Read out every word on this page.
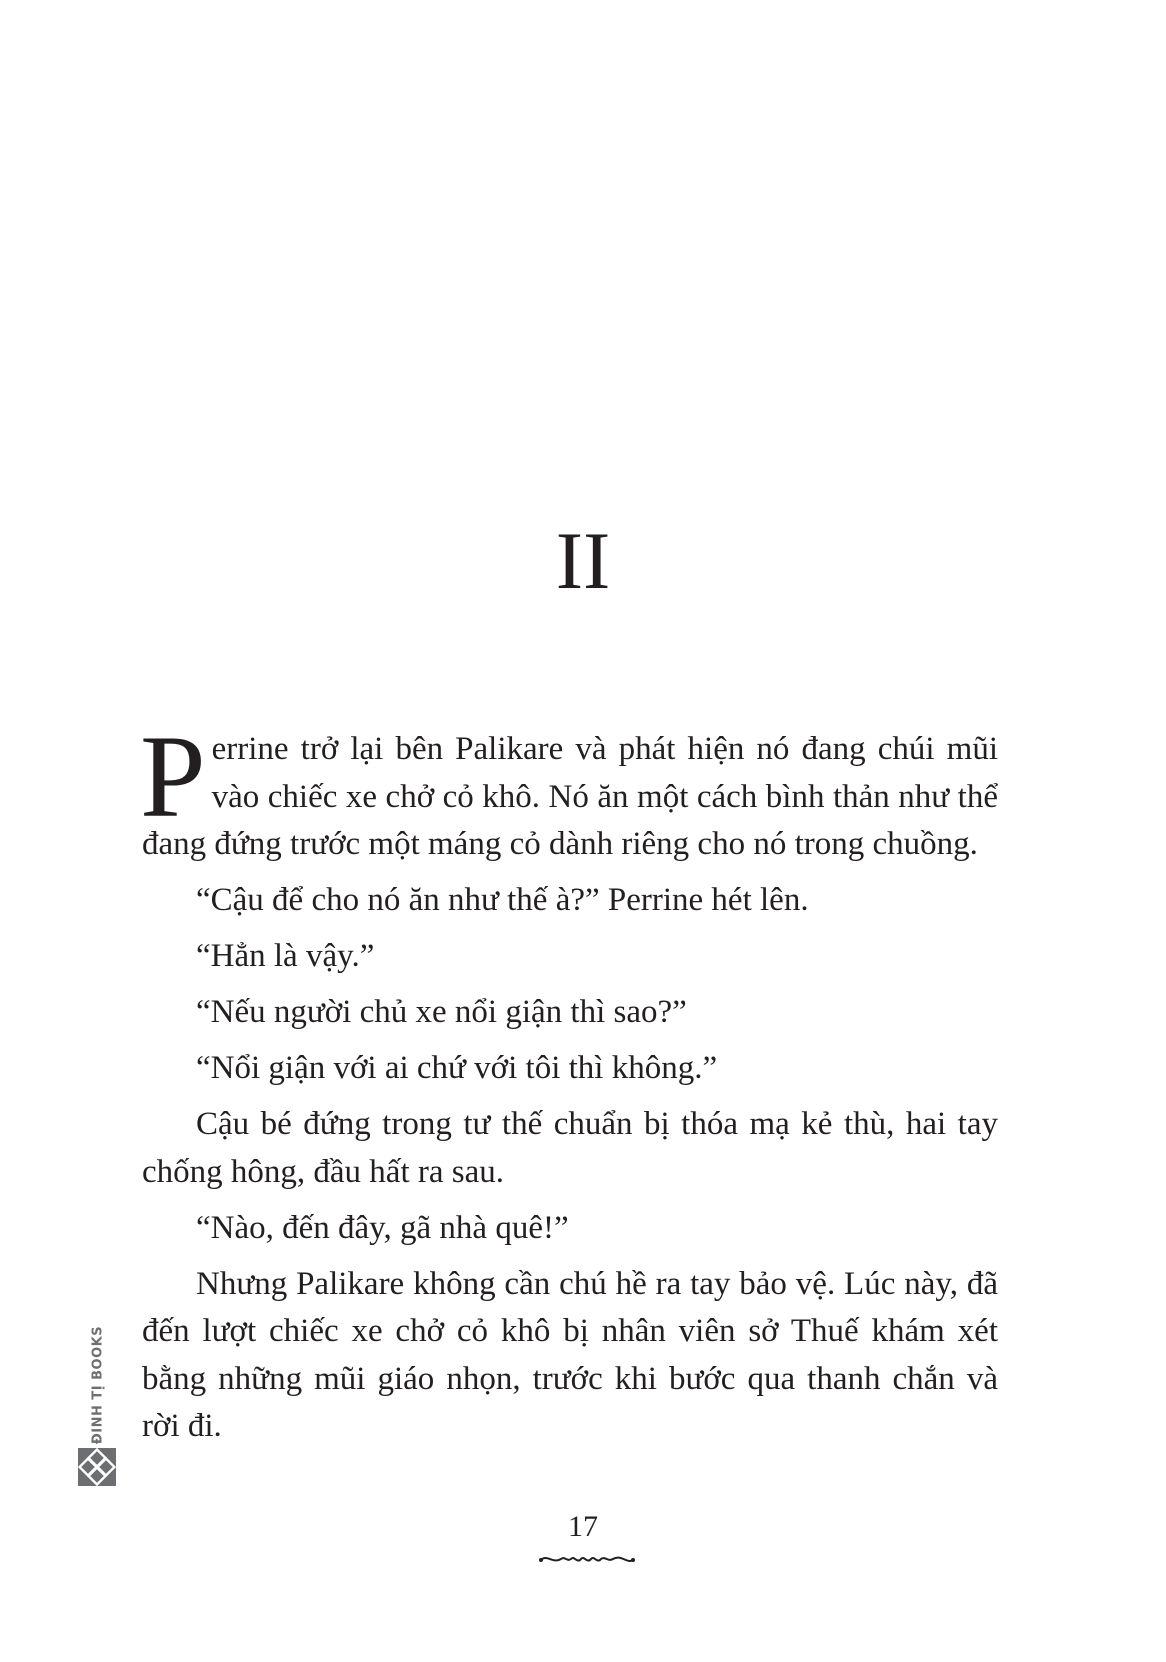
II

Perrine trở lại bên Palikare và phát hiện nó đang chúi mũi vào chiếc xe chở cỏ khô. Nó ăn một cách bình thản như thể đang đứng trước một máng cỏ dành riêng cho nó trong chuồng.

“Cậu để cho nó ăn như thế à?” Perrine hét lên.

“Hẳn là vậy.”

“Nếu người chủ xe nổi giận thì sao?”

“Nổi giận với ai chứ với tôi thì không.”

Cậu bé đứng trong tư thế chuẩn bị thóa mạ kẻ thù, hai tay chống hông, đầu hất ra sau.

“Nào, đến đây, gã nhà quê!”

Nhưng Palikare không cần chú hề ra tay bảo vệ. Lúc này, đã đến lượt chiếc xe chở cỏ khô bị nhân viên sở Thuế khám xét bằng những mũi giáo nhọn, trước khi bước qua thanh chắn và rời đi.

17
ĐINH TỊ BOOKS
